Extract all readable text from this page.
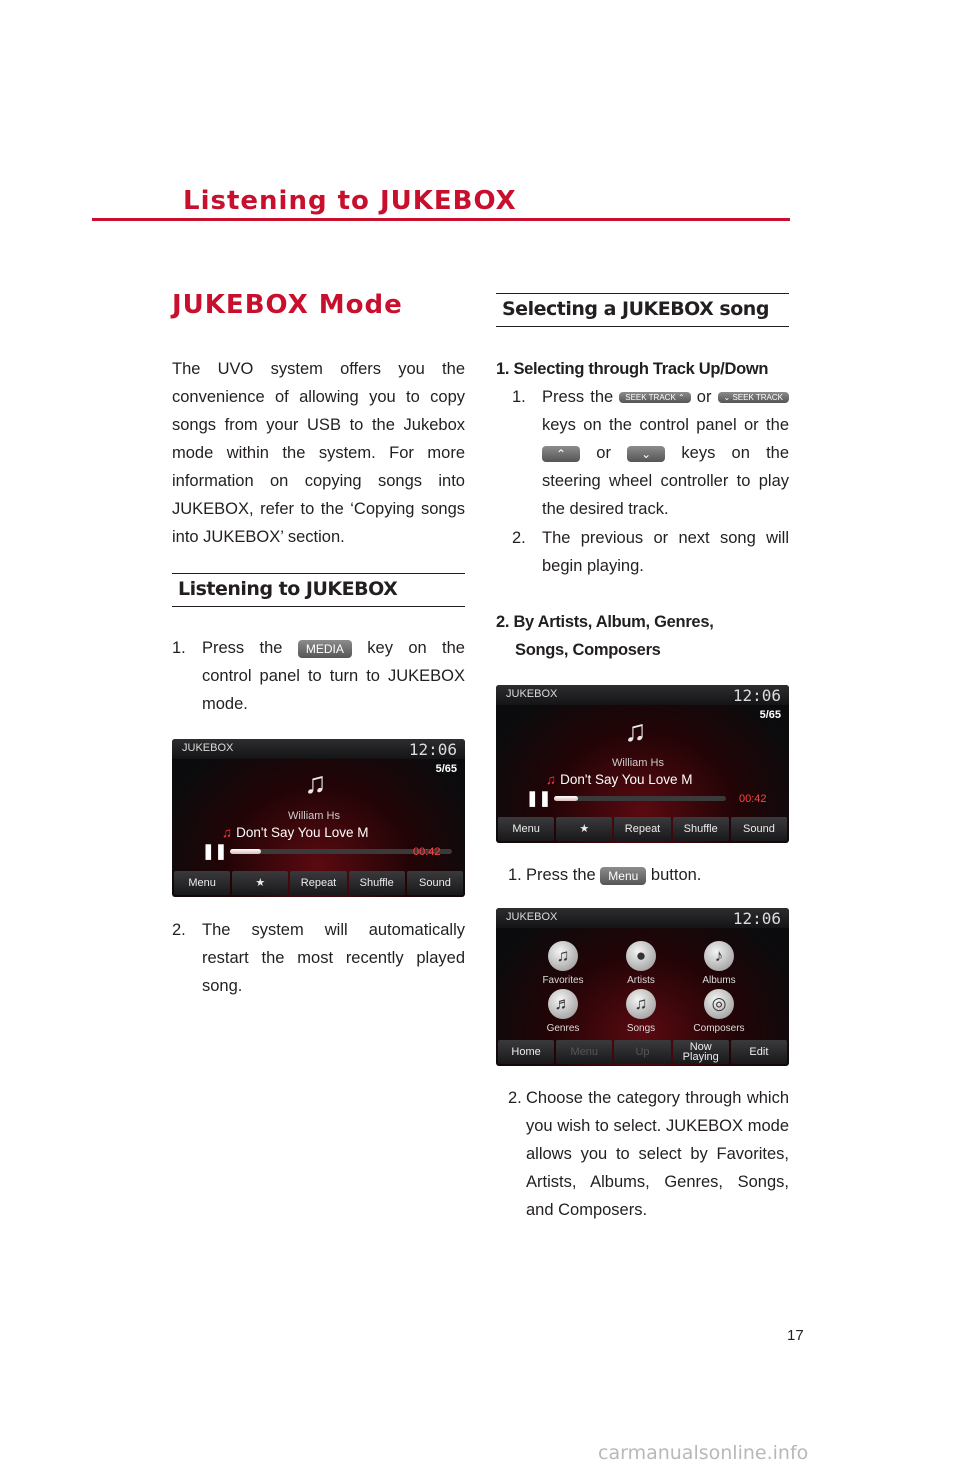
Listening to JUKEBOX
JUKEBOX Mode
The UVO system offers you the convenience of allowing you to copy songs from your USB to the Jukebox mode within the system. For more information on copying songs into JUKEBOX, refer to the ‘Copying songs into JUKEBOX’ section.
Listening to JUKEBOX
1. Press the MEDIA key on the control panel to turn to JUKEBOX mode.
JUKEBOX	12:06
5/65
♫
William Hs
♫ Don't Say You Love M
❚❚	00:42
Menu	★	Repeat	Shuffle	Sound
2. The system will automatically restart the most recently played song.
Selecting a JUKEBOX song
1. Selecting through Track Up/Down
1. Press the SEEK TRACK ⌃ or ⌄ SEEK TRACK keys on the control panel or the ⌃ or	⌄ keys on the steering wheel controller to play the desired track.
2. The previous or next song will begin playing.
2. By Artists, Album, Genres,
Songs, Composers
JUKEBOX	12:06
5/65
♫
William Hs
♫ Don't Say You Love M
❚❚	00:42
Menu	★	Repeat	Shuffle	Sound
1. Press the Menu button.
JUKEBOX	12:06
♫
Favorites
●
Artists
♪
Albums
♬
Genres
♫
Songs
◎
Composers
Home	Menu	Up	Now Playing	Edit
2. Choose the category through which you wish to select. JUKEBOX mode allows you to select by Favorites, Artists, Albums, Genres, Songs, and Composers.
17
carmanualsonline.info
